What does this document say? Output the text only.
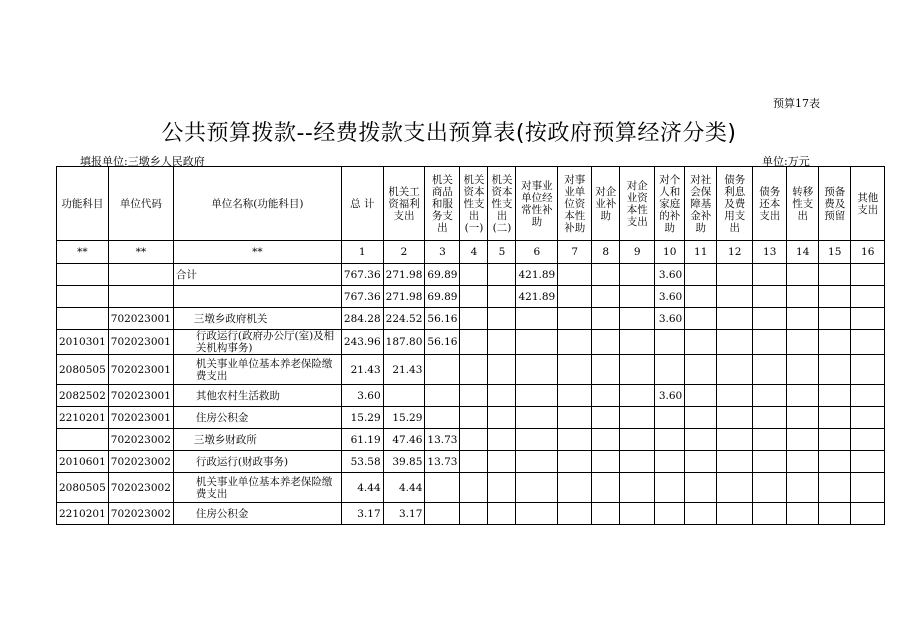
预算17表
公共预算拨款--经费拨款支出预算表(按政府预算经济分类)
填报单位:三墩乡人民政府	单位:万元
功能科目	单位代码	单位名称(功能科目)	总 计	机关工资福利支出	机关商品和服务支出	机关资本性支出(一)	机关资本性支出(二)	对事业单位经常性补助	对事业单位资本性补助	对企业补助	对企业资本性支出	对个人和家庭的补助	对社会保障基金补助	债务利息及费用支出	债务还本支出	转移性支出	预备费及预留	其他支出
**	**	**	1	2	3	4	5	6	7	8	9	10	11	12	13	14	15	16
		合计	767.36	271.98	69.89			421.89				3.60						
			767.36	271.98	69.89			421.89				3.60						
	702023001	三墩乡政府机关	284.28	224.52	56.16							3.60						
2010301	702023001	行政运行(政府办公厅(室)及相关机构事务)	243.96	187.80	56.16													
2080505	702023001	机关事业单位基本养老保险缴费支出	21.43	21.43														
2082502	702023001	其他农村生活救助	3.60									3.60						
2210201	702023001	住房公积金	15.29	15.29														
	702023002	三墩乡财政所	61.19	47.46	13.73													
2010601	702023002	行政运行(财政事务)	53.58	39.85	13.73													
2080505	702023002	机关事业单位基本养老保险缴费支出	4.44	4.44														
2210201	702023002	住房公积金	3.17	3.17														
